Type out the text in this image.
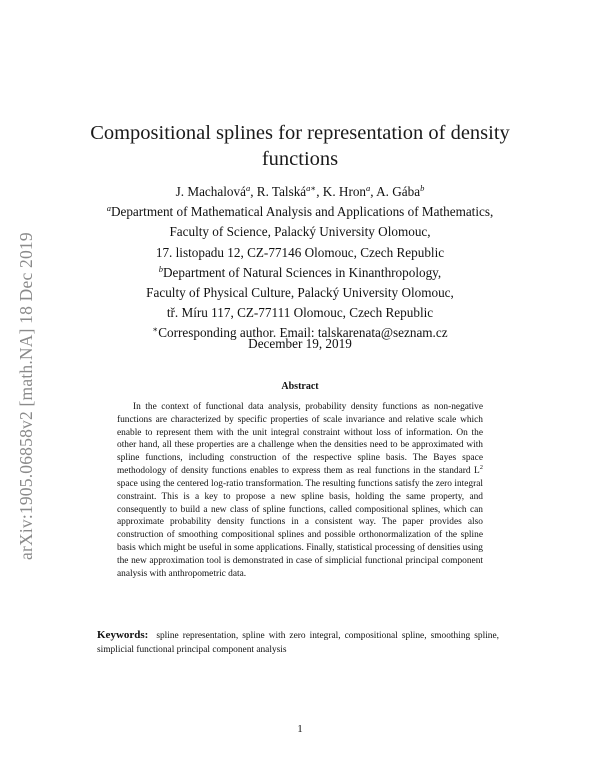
arXiv:1905.06858v2 [math.NA] 18 Dec 2019
Compositional splines for representation of density functions
J. Machalová$^a$, R. Talská$^{a∗}$, K. Hron$^a$, A. Gába$^b$
$^a$Department of Mathematical Analysis and Applications of Mathematics,
Faculty of Science, Palacký University Olomouc,
17. listopadu 12, CZ-77146 Olomouc, Czech Republic
$^b$Department of Natural Sciences in Kinanthropology,
Faculty of Physical Culture, Palacký University Olomouc,
tř. Míru 117, CZ-77111 Olomouc, Czech Republic
∗Corresponding author. Email: talskarenata@seznam.cz
December 19, 2019
Abstract
In the context of functional data analysis, probability density functions as non-negative functions are characterized by specific properties of scale invariance and relative scale which enable to represent them with the unit integral constraint without loss of information. On the other hand, all these properties are a challenge when the densities need to be approximated with spline functions, including construction of the respective spline basis. The Bayes space methodology of density functions enables to express them as real functions in the standard $L^2$ space using the centered log-ratio transformation. The resulting functions satisfy the zero integral constraint. This is a key to propose a new spline basis, holding the same property, and consequently to build a new class of spline functions, called compositional splines, which can approximate probability density functions in a consistent way. The paper provides also construction of smoothing compositional splines and possible orthonormalization of the spline basis which might be useful in some applications. Finally, statistical processing of densities using the new approximation tool is demonstrated in case of simplicial functional principal component analysis with anthropometric data.
Keywords: spline representation, spline with zero integral, compositional spline, smoothing spline, simplicial functional principal component analysis
1
